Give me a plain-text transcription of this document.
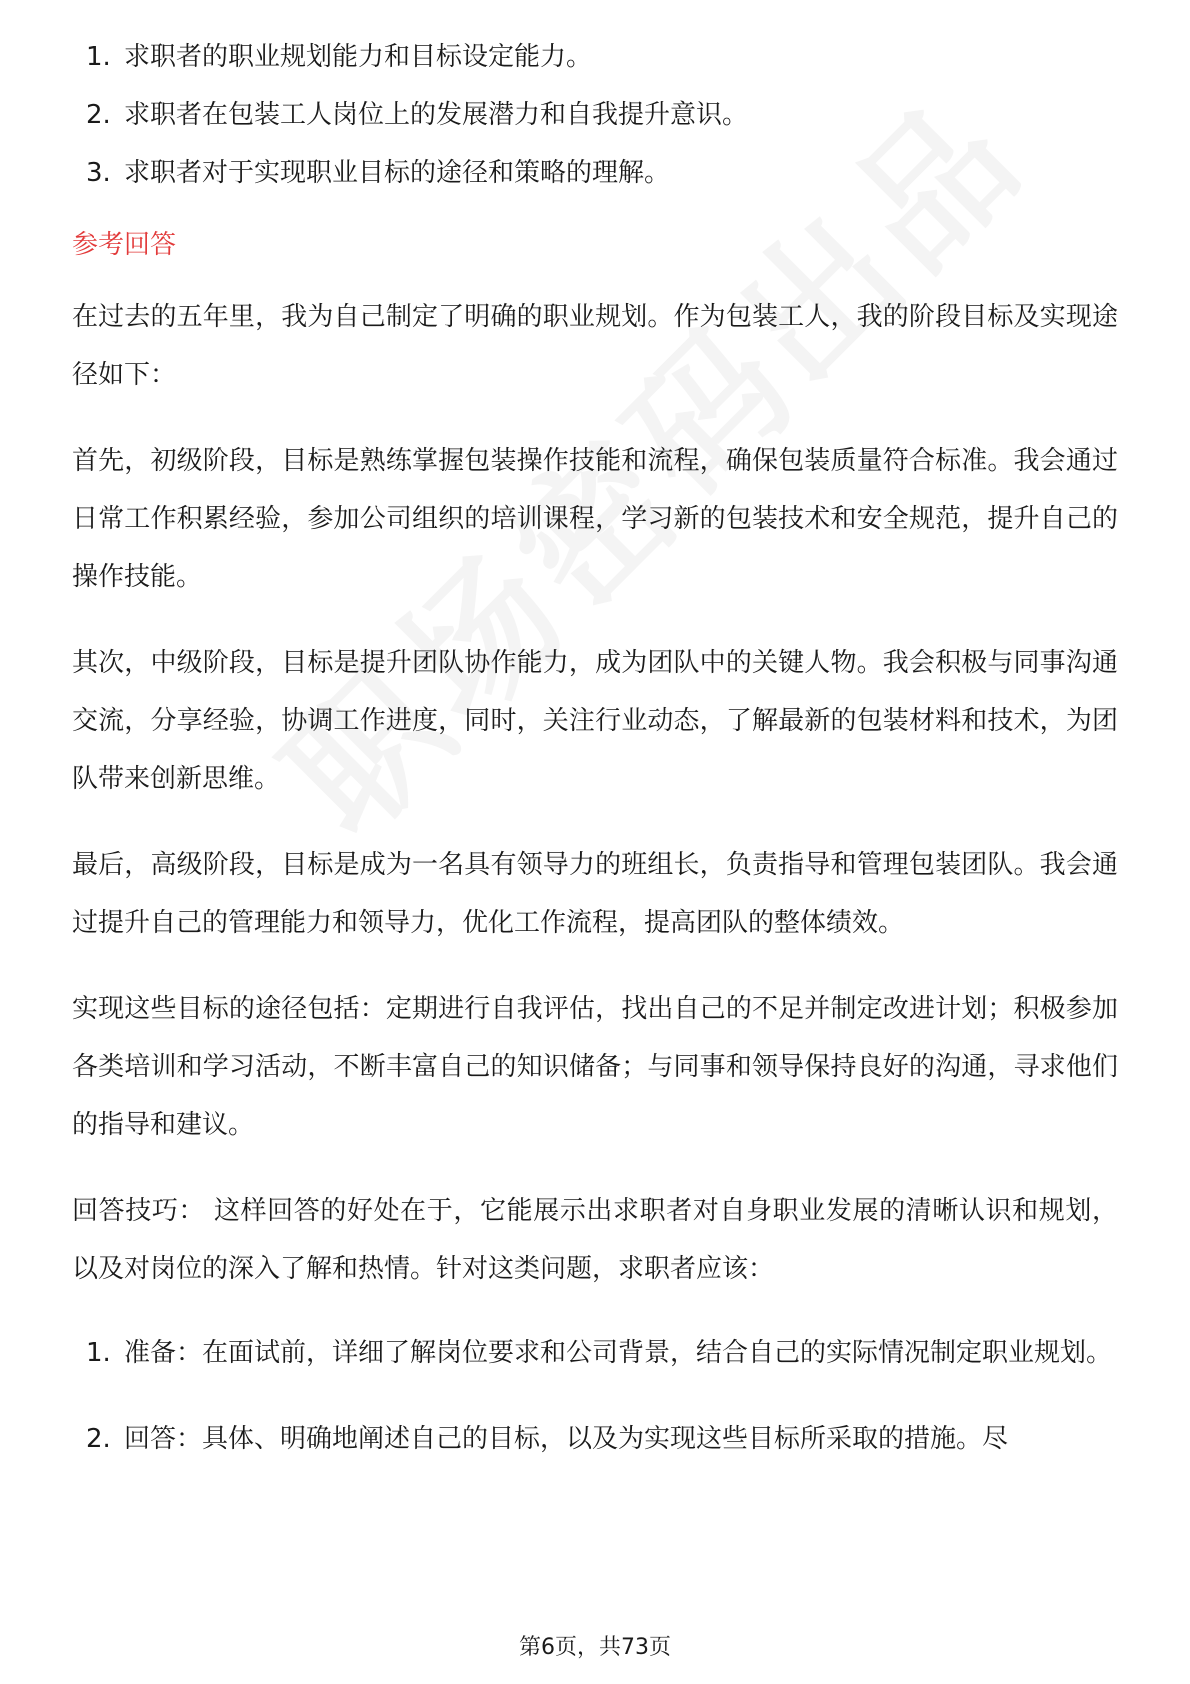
1. 求职者的职业规划能力和目标设定能力。
2. 求职者在包装工人岗位上的发展潜力和自我提升意识。
3. 求职者对于实现职业目标的途径和策略的理解。
参考回答

在过去的五年里，我为自己制定了明确的职业规划。作为包装工人，我的阶段目标及实现途径如下：

首先，初级阶段，目标是熟练掌握包装操作技能和流程，确保包装质量符合标准。我会通过日常工作积累经验，参加公司组织的培训课程，学习新的包装技术和安全规范，提升自己的操作技能。

其次，中级阶段，目标是提升团队协作能力，成为团队中的关键人物。我会积极与同事沟通交流，分享经验，协调工作进度，同时，关注行业动态，了解最新的包装材料和技术，为团队带来创新思维。

最后，高级阶段，目标是成为一名具有领导力的班组长，负责指导和管理包装团队。我会通过提升自己的管理能力和领导力，优化工作流程，提高团队的整体绩效。

实现这些目标的途径包括：定期进行自我评估，找出自己的不足并制定改进计划；积极参加各类培训和学习活动，不断丰富自己的知识储备；与同事和领导保持良好的沟通，寻求他们的指导和建议。

回答技巧： 这样回答的好处在于，它能展示出求职者对自身职业发展的清晰认识和规划，以及对岗位的深入了解和热情。针对这类问题，求职者应该：

1. 准备：在面试前，详细了解岗位要求和公司背景，结合自己的实际情况制定职业规划。
2. 回答：具体、明确地阐述自己的目标，以及为实现这些目标所采取的措施。尽
第6页，共73页
